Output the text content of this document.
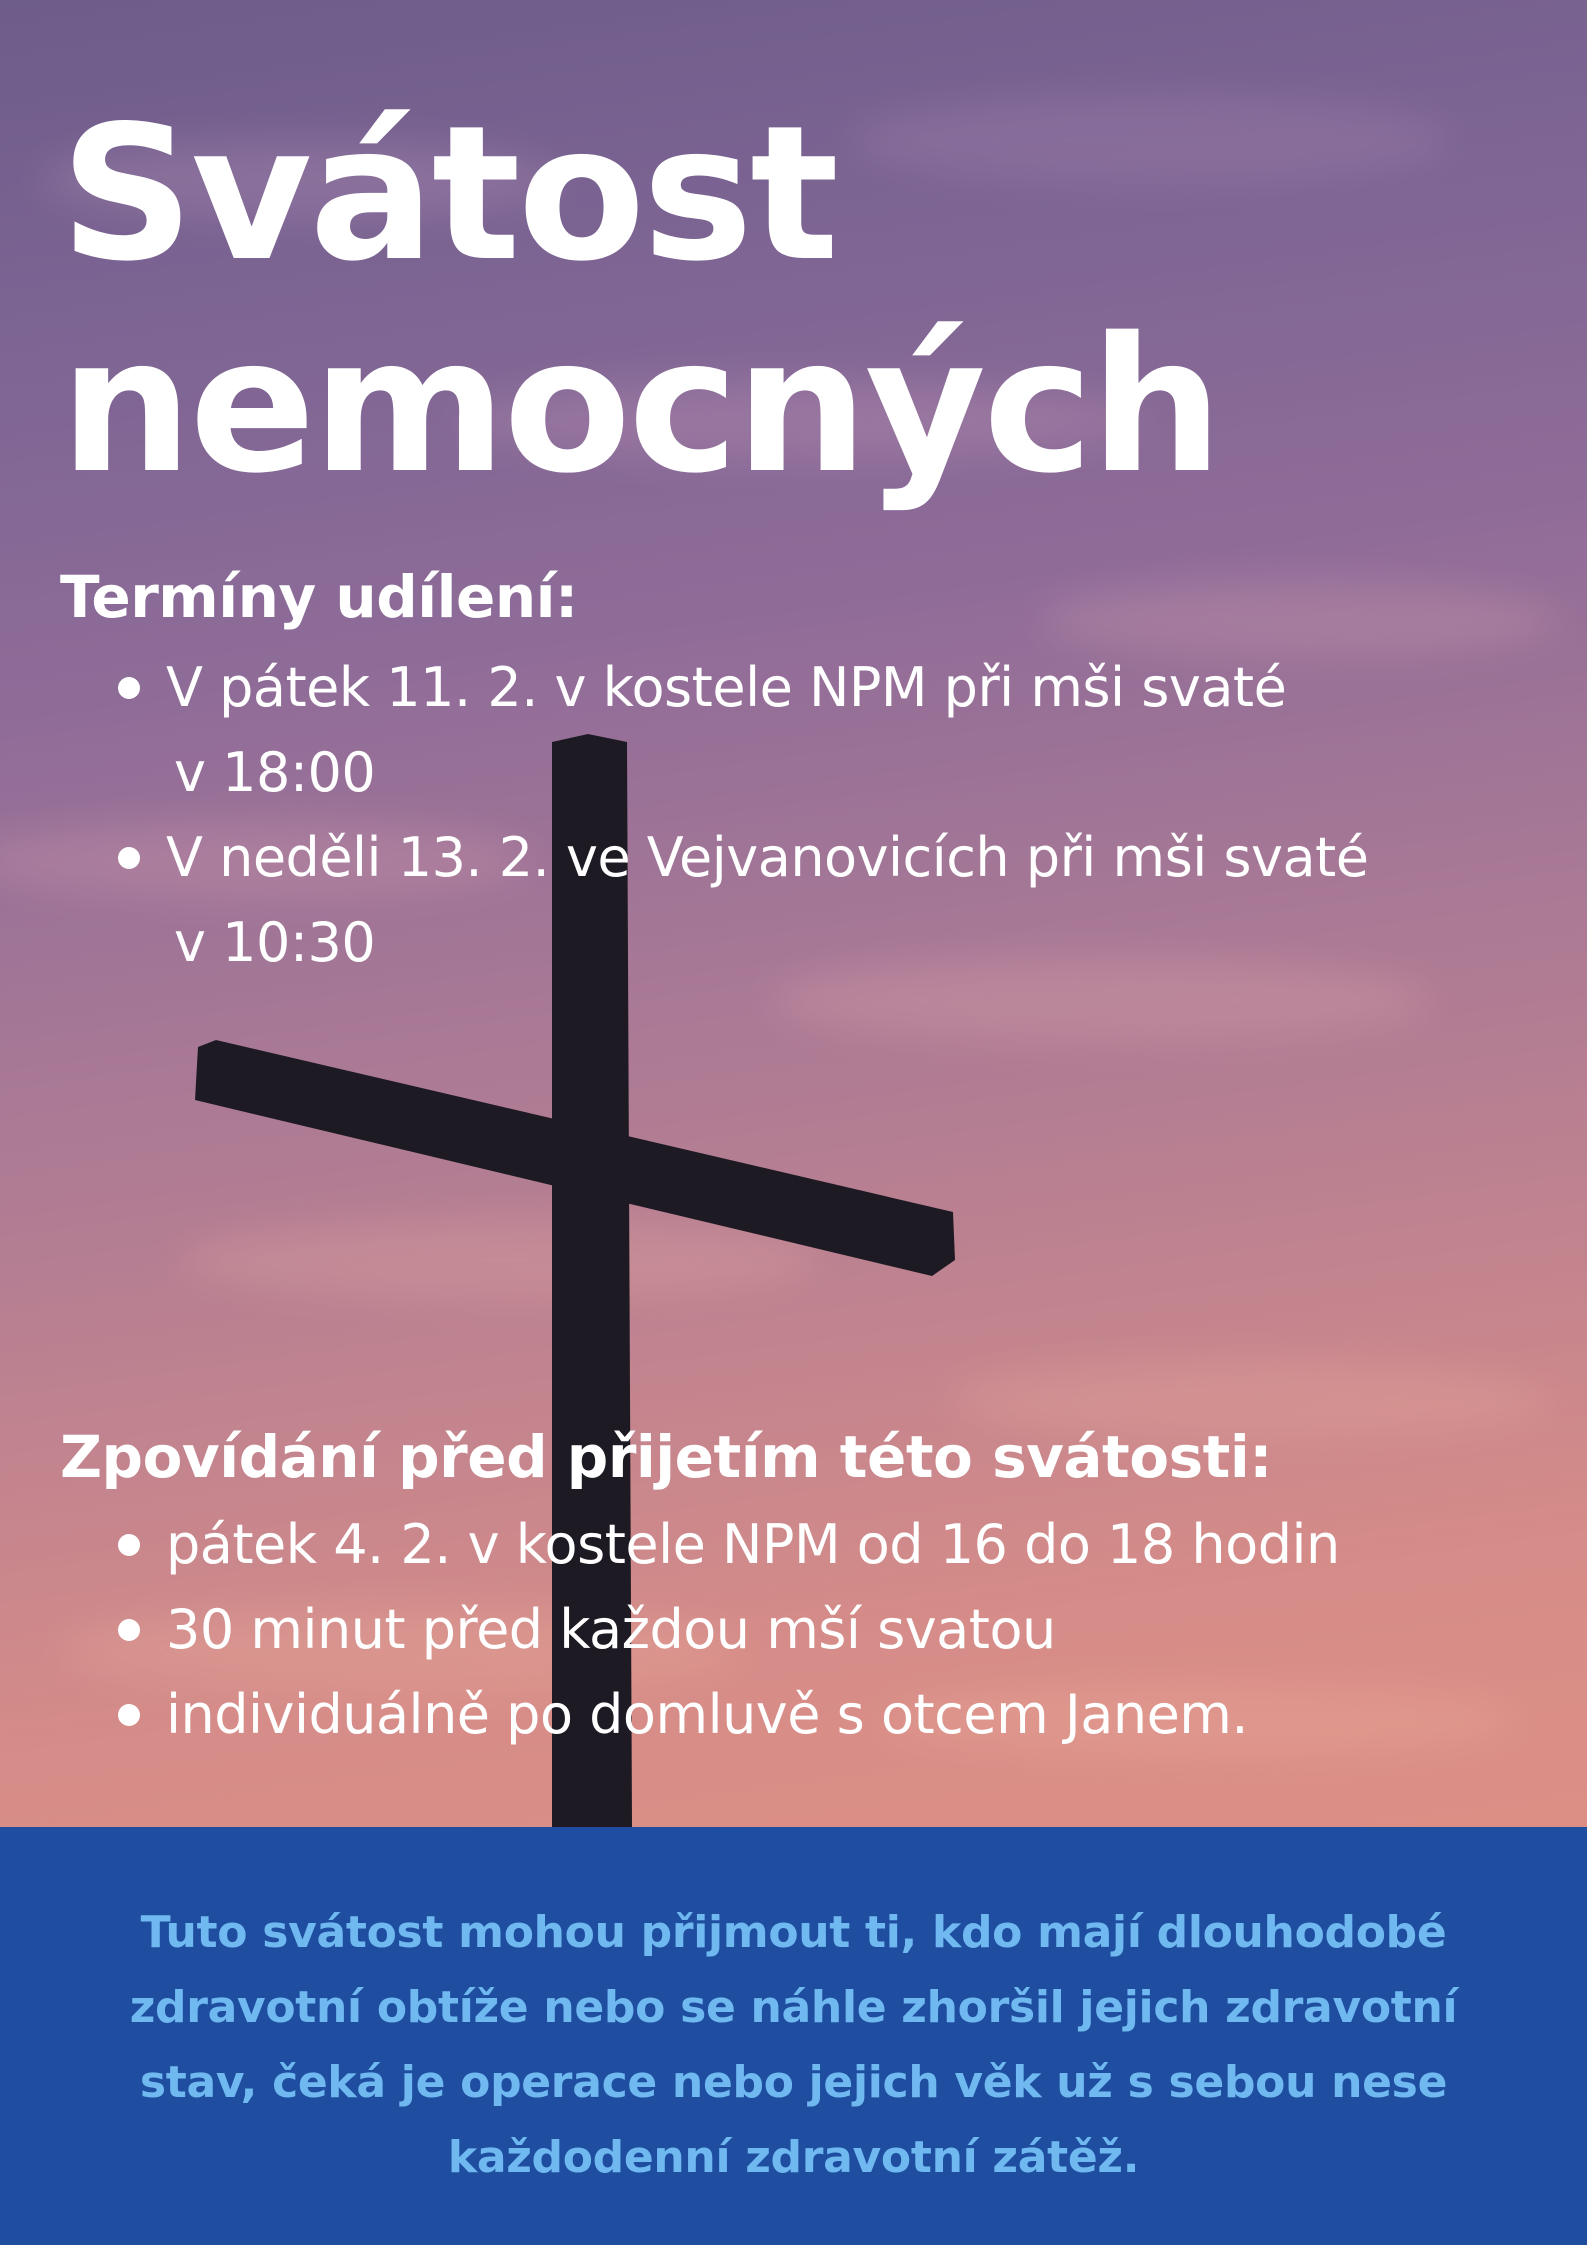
Svátost
nemocných
Termíny udílení:
V pátek 11. 2. v kostele NPM při mši svaté
v 18:00
V neděli 13. 2. ve Vejvanovicích při mši svaté
v 10:30
Zpovídání před přijetím této svátosti:
pátek 4. 2. v kostele NPM od 16 do 18 hodin
30 minut před každou mší svatou
individuálně po domluvě s otcem Janem.

Tuto svátost mohou přijmout ti, kdo mají dlouhodobé
zdravotní obtíže nebo se náhle zhoršil jejich zdravotní
stav, čeká je operace nebo jejich věk už s sebou nese
každodenní zdravotní zátěž.
